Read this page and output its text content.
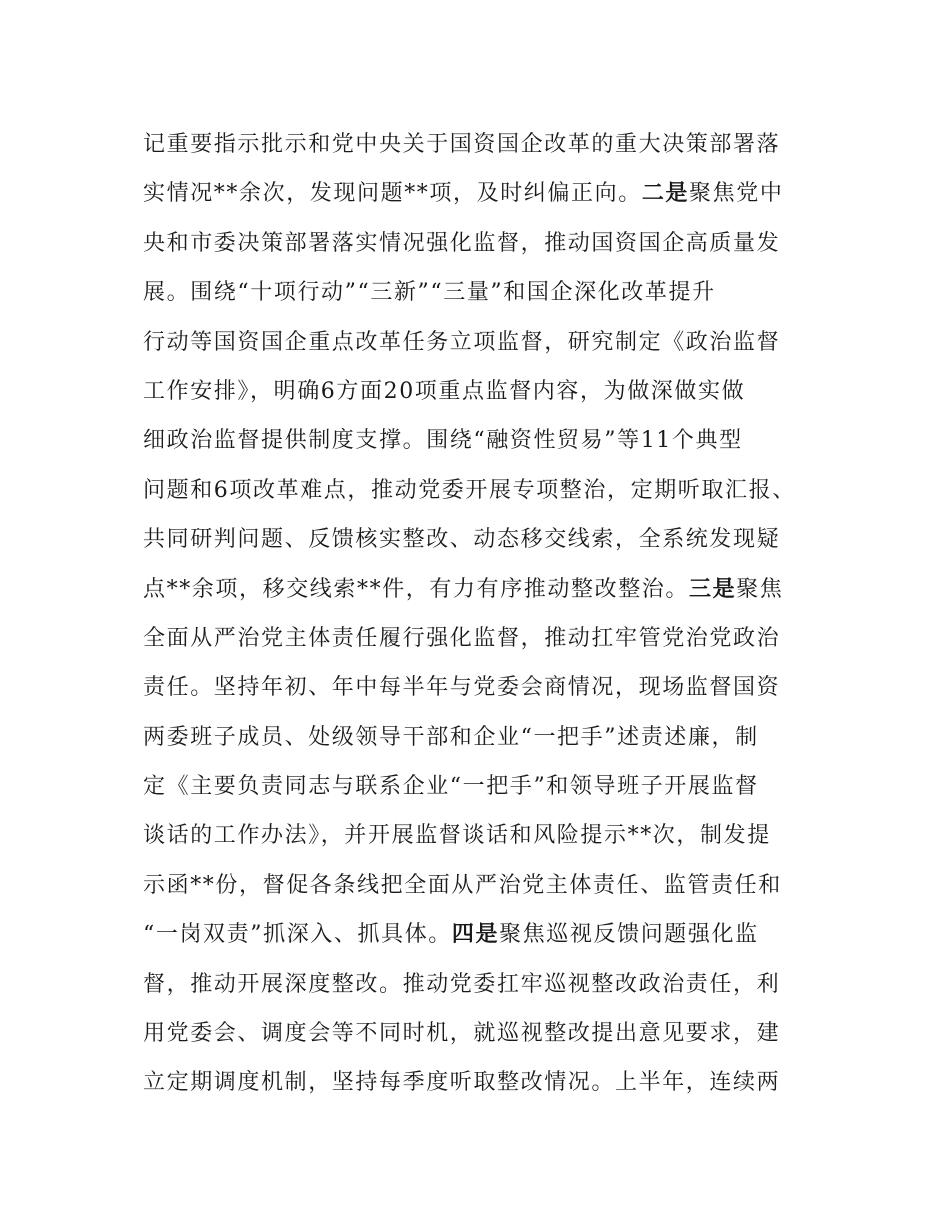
记重要指示批示和党中央关于国资国企改革的重大决策部署落
实情况**余次，发现问题**项，及时纠偏正向。二是聚焦党中
央和市委决策部署落实情况强化监督，推动国资国企高质量发
展。围绕“十项行动”“三新”“三量”和国企深化改革提升
行动等国资国企重点改革任务立项监督，研究制定《政治监督
工作安排》，明确6方面20项重点监督内容，为做深做实做
细政治监督提供制度支撑。围绕“融资性贸易”等11个典型
问题和6项改革难点，推动党委开展专项整治，定期听取汇报、
共同研判问题、反馈核实整改、动态移交线索，全系统发现疑
点**余项，移交线索**件，有力有序推动整改整治。三是聚焦
全面从严治党主体责任履行强化监督，推动扛牢管党治党政治
责任。坚持年初、年中每半年与党委会商情况，现场监督国资
两委班子成员、处级领导干部和企业“一把手”述责述廉，制
定《主要负责同志与联系企业“一把手”和领导班子开展监督
谈话的工作办法》，并开展监督谈话和风险提示**次，制发提
示函**份，督促各条线把全面从严治党主体责任、监管责任和
“一岗双责”抓深入、抓具体。四是聚焦巡视反馈问题强化监
督，推动开展深度整改。推动党委扛牢巡视整改政治责任，利
用党委会、调度会等不同时机，就巡视整改提出意见要求，建
立定期调度机制，坚持每季度听取整改情况。上半年，连续两
